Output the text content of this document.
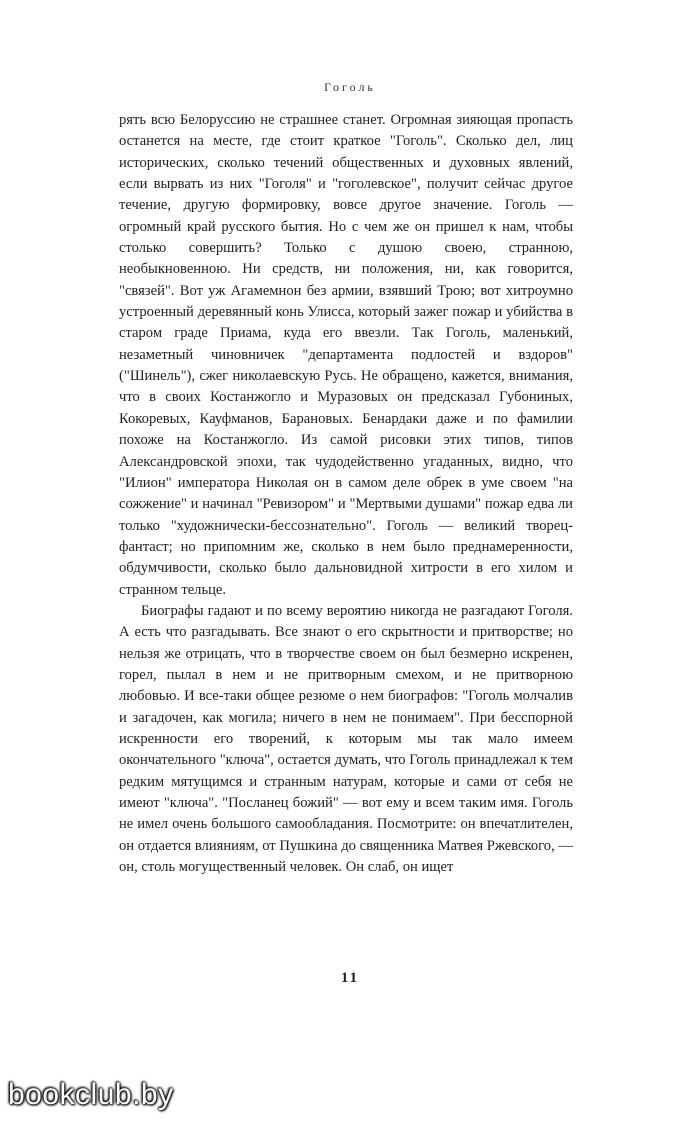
Гоголь

рять всю Белоруссию не страшнее станет. Огромная зияющая пропасть останется на месте, где стоит краткое "Гоголь". Сколько дел, лиц исторических, сколько течений общественных и духовных явлений, если вырвать из них "Гоголя" и "гоголевское", получит сейчас другое течение, другую формировку, вовсе другое значение. Гоголь — огромный край русского бытия. Но с чем же он пришел к нам, чтобы столько совершить? Только с душою своею, странною, необыкновенною. Ни средств, ни положения, ни, как говорится, "связей". Вот уж Агамемнон без армии, взявший Трою; вот хитроумно устроенный деревянный конь Улисса, который зажег пожар и убийства в старом граде Приама, куда его ввезли. Так Гоголь, маленький, незаметный чиновничек "департамента подлостей и вздоров" ("Шинель"), сжег николаевскую Русь. Не обращено, кажется, внимания, что в своих Костанжогло и Муразовых он предсказал Губониных, Кокоревых, Кауфманов, Барановых. Бенардаки даже и по фамилии похоже на Костанжогло. Из самой рисовки этих типов, типов Александровской эпохи, так чудодейственно угаданных, видно, что "Илион" императора Николая он в самом деле обрек в уме своем "на сожжение" и начинал "Ревизором" и "Мертвыми душами" пожар едва ли только "художнически-бессознательно". Гоголь — великий творец-фантаст; но припомним же, сколько в нем было преднамеренности, обдумчивости, сколько было дальновидной хитрости в его хилом и странном тельце.

Биографы гадают и по всему вероятию никогда не разгадают Гоголя. А есть что разгадывать. Все знают о его скрытности и притворстве; но нельзя же отрицать, что в творчестве своем он был безмерно искренен, горел, пылал в нем и не притворным смехом, и не притворною любовью. И все-таки общее резюме о нем биографов: "Гоголь молчалив и загадочен, как могила; ничего в нем не понимаем". При бесспорной искренности его творений, к которым мы так мало имеем окончательного "ключа", остается думать, что Гоголь принадлежал к тем редким мятущимся и странным натурам, которые и сами от себя не имеют "ключа". "Посланец божий" — вот ему и всем таким имя. Гоголь не имел очень большого самообладания. Посмотрите: он впечатлителен, он отдается влияниям, от Пушкина до священника Матвея Ржевского, — он, столь могущественный человек. Он слаб, он ищет

11
bookclub.by
